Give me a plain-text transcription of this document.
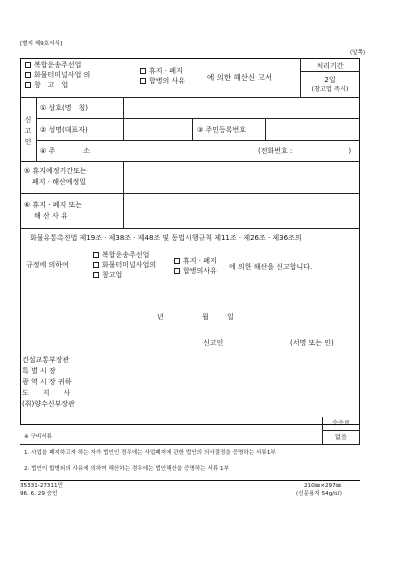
[별지 제9호서식]
(앞쪽)
복합운송주선업
화물터미널사업 의
창　고　업
휴지 · 폐지
합병의 사유	에 의한 해산신 고서
처리기간
2일
(창고업 즉시)
신
고
인
① 상호(명　칭)
② 성명(대표자)	③ 주민등록번호
④ 주　　　　소	(전화번호 :　　　　　　　　)
⑤ 휴지예정기간또는
폐지 · 해산예정일
⑥ 휴지 · 폐지 또는
해 산 사 유
화물유통촉진법 제19조 · 제38조 · 제48조 및 동법시행규칙 제11조 · 제26조 · 제36조의
규정에 의하여
복합운송주선업
화물터미널사업의
창고업
휴지 · 폐지
합병의사유
에 의한 해산을 신고합니다.
년	월	일
신고인	(서명 또는 인)
건설교통부장관
특 별 시 장
광 역 시 장 귀하
도　　지　　사
(취)양수신부장관
수수료
없음
※ 구비서류
1. 사업을 폐지하고자 하는 자가 법인인 경우에는 사업폐지에 관한 법인의 의사결정을 증명하는 서류1부
2. 법인이 합병외의 사유에 의하여 해산하는 경우에는 법인해산을 증명하는 서류 1부
35331-27311민
96. 6. 29 승인
210㎜×297㎜
(신문용지 54g/㎡)
